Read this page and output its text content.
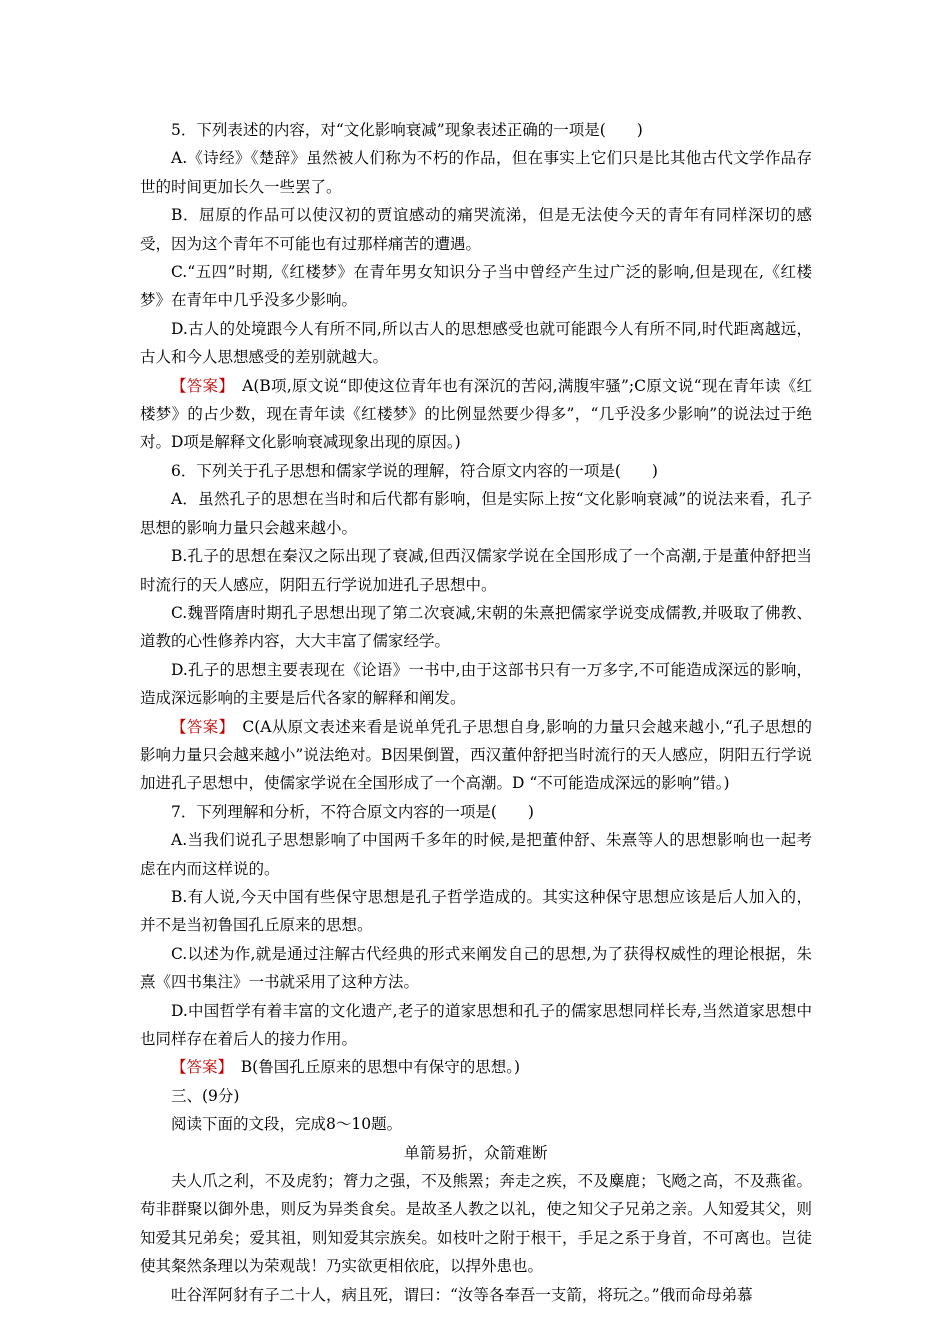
5．下列表述的内容，对“文化影响衰减”现象表述正确的一项是(　　)

A.《诗经》《楚辞》虽然被人们称为不朽的作品，但在事实上它们只是比其他古代文学作品存世的时间更加长久一些罢了。

B．屈原的作品可以使汉初的贾谊感动的痛哭流涕，但是无法使今天的青年有同样深切的感受，因为这个青年不可能也有过那样痛苦的遭遇。

C.“五四”时期,《红楼梦》在青年男女知识分子当中曾经产生过广泛的影响,但是现在,《红楼梦》在青年中几乎没多少影响。

D.古人的处境跟今人有所不同,所以古人的思想感受也就可能跟今人有所不同,时代距离越远，古人和今人思想感受的差别就越大。

【答案】　A(B项,原文说“即使这位青年也有深沉的苦闷,满腹牢骚”;C原文说“现在青年读《红楼梦》的占少数，现在青年读《红楼梦》的比例显然要少得多”，“几乎没多少影响”的说法过于绝对。D项是解释文化影响衰减现象出现的原因。)

6．下列关于孔子思想和儒家学说的理解，符合原文内容的一项是(　　)

A．虽然孔子的思想在当时和后代都有影响，但是实际上按“文化影响衰减”的说法来看，孔子思想的影响力量只会越来越小。

B.孔子的思想在秦汉之际出现了衰减,但西汉儒家学说在全国形成了一个高潮,于是董仲舒把当时流行的天人感应，阴阳五行学说加进孔子思想中。

C.魏晋隋唐时期孔子思想出现了第二次衰减,宋朝的朱熹把儒家学说变成儒教,并吸取了佛教、道教的心性修养内容，大大丰富了儒家经学。

D.孔子的思想主要表现在《论语》一书中,由于这部书只有一万多字,不可能造成深远的影响，造成深远影响的主要是后代各家的解释和阐发。

【答案】　C(A从原文表述来看是说单凭孔子思想自身,影响的力量只会越来越小,“孔子思想的影响力量只会越来越小”说法绝对。B因果倒置，西汉董仲舒把当时流行的天人感应，阴阳五行学说加进孔子思想中，使儒家学说在全国形成了一个高潮。D “不可能造成深远的影响”错。)

7．下列理解和分析，不符合原文内容的一项是(　　)

A.当我们说孔子思想影响了中国两千多年的时候,是把董仲舒、朱熹等人的思想影响也一起考虑在内而这样说的。

B.有人说,今天中国有些保守思想是孔子哲学造成的。其实这种保守思想应该是后人加入的，并不是当初鲁国孔丘原来的思想。

C.以述为作,就是通过注解古代经典的形式来阐发自己的思想,为了获得权威性的理论根据，朱熹《四书集注》一书就采用了这种方法。

D.中国哲学有着丰富的文化遗产,老子的道家思想和孔子的儒家思想同样长寿,当然道家思想中也同样存在着后人的接力作用。

【答案】　B(鲁国孔丘原来的思想中有保守的思想。)

三、(9分)

阅读下面的文段，完成8～10题。

单箭易折，众箭难断

夫人爪之利，不及虎豹；膂力之强，不及熊罴；奔走之疾，不及麋鹿；飞飏之高，不及燕雀。苟非群聚以御外患，则反为异类食矣。是故圣人教之以礼，使之知父子兄弟之亲。人知爱其父，则知爱其兄弟矣；爱其祖，则知爱其宗族矣。如枝叶之附于根干，手足之系于身首，不可离也。岂徒使其粲然条理以为荣观哉！乃实欲更相依庇，以捍外患也。

吐谷浑阿豺有子二十人，病且死，谓曰：“汝等各奉吾一支箭，将玩之。”俄而命母弟慕
